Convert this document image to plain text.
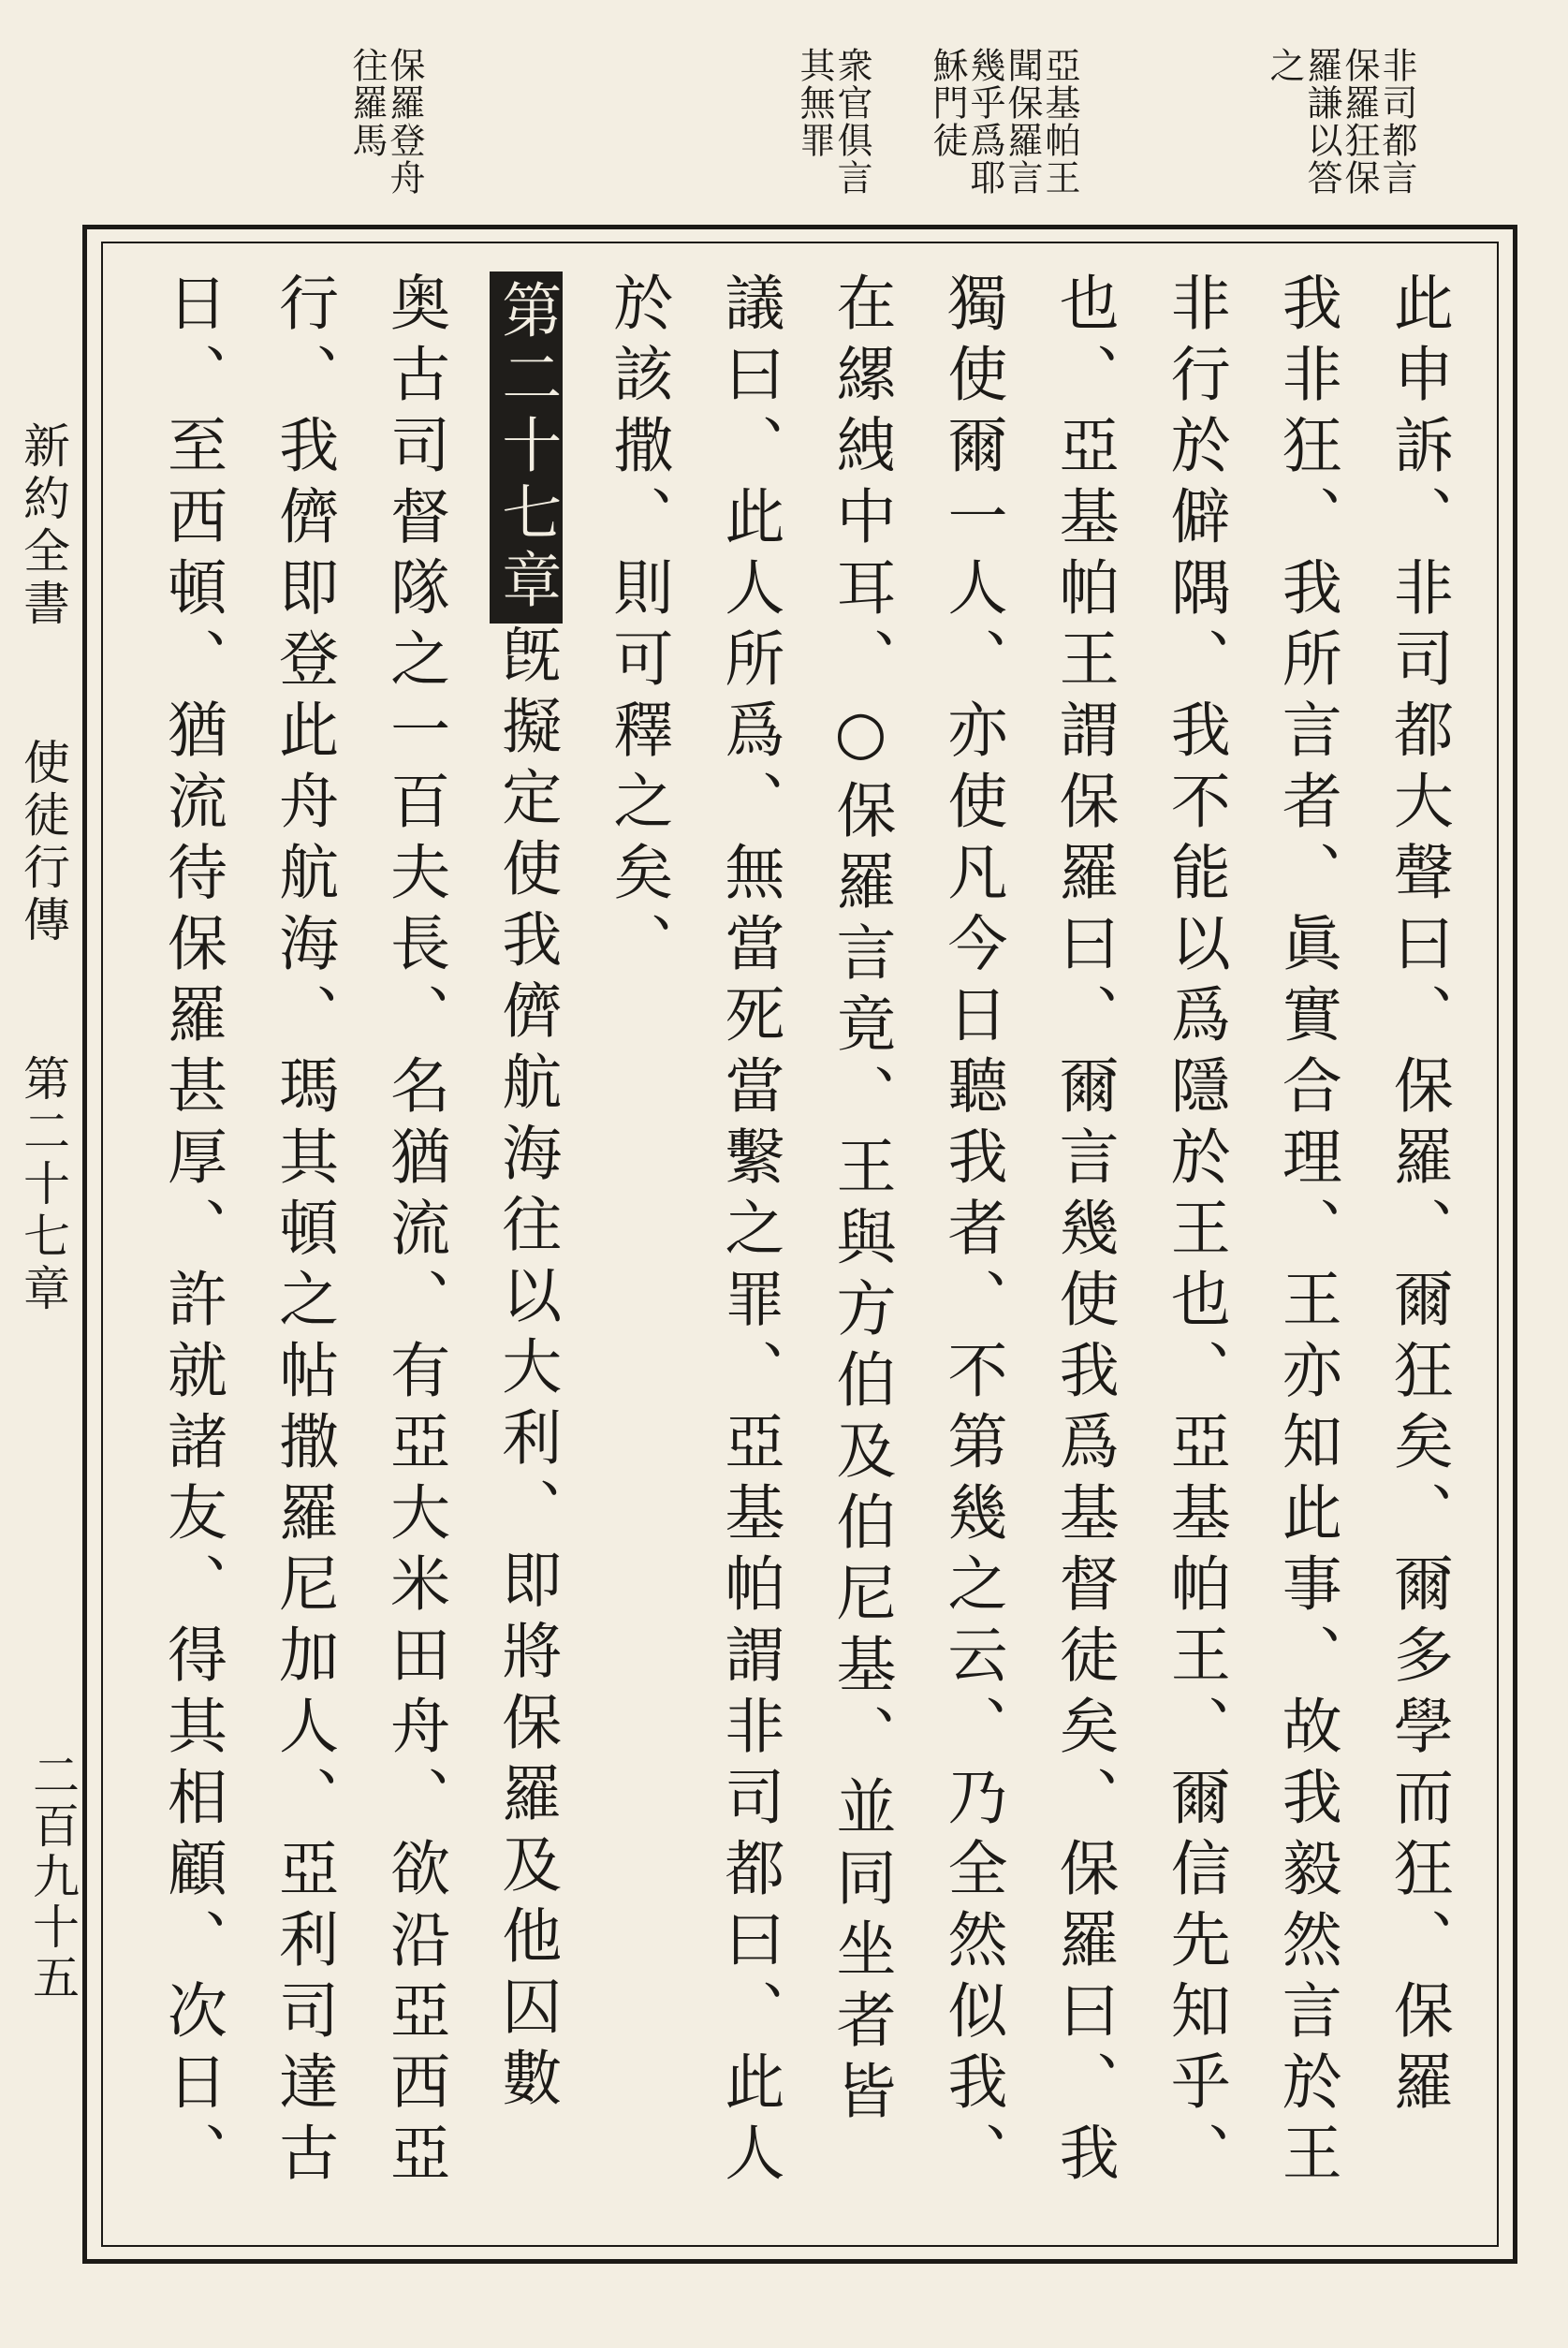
非司都言
保羅狂保
羅謙以答
之
亞基帕王
聞保羅言
幾乎爲耶
穌門徒
衆官俱言
其無罪
保羅登舟
往羅馬
新約全書 使徒行傳 第二十七章
二百九十五
此申訴、非司都大聲曰、保羅、爾狂矣、爾多學而狂、保羅
我非狂、我所言者、眞實合理、王亦知此事、故我毅然言於王
非行於僻隅、我不能以爲隱於王也、亞基帕王、爾信先知乎、
也、亞基帕王謂保羅曰、爾言幾使我爲基督徒矣、保羅曰、我
獨使爾一人、亦使凡今日聽我者、不第幾之云、乃全然似我、
在縲絏中耳、○保羅言竟、王與方伯及伯尼基、並同坐者皆
議曰、此人所爲、無當死當繫之罪、亞基帕謂非司都曰、此人
於該撒、則可釋之矣、
第二十七章旣擬定使我儕航海往以大利、即將保羅及他囚數
奥古司督隊之一百夫長、名猶流、有亞大米田舟、欲沿亞西亞
行、我儕即登此舟航海、瑪其頓之帖撒羅尼加人、亞利司達古
日、至西頓、猶流待保羅甚厚、許就諸友、得其相顧、次日、
